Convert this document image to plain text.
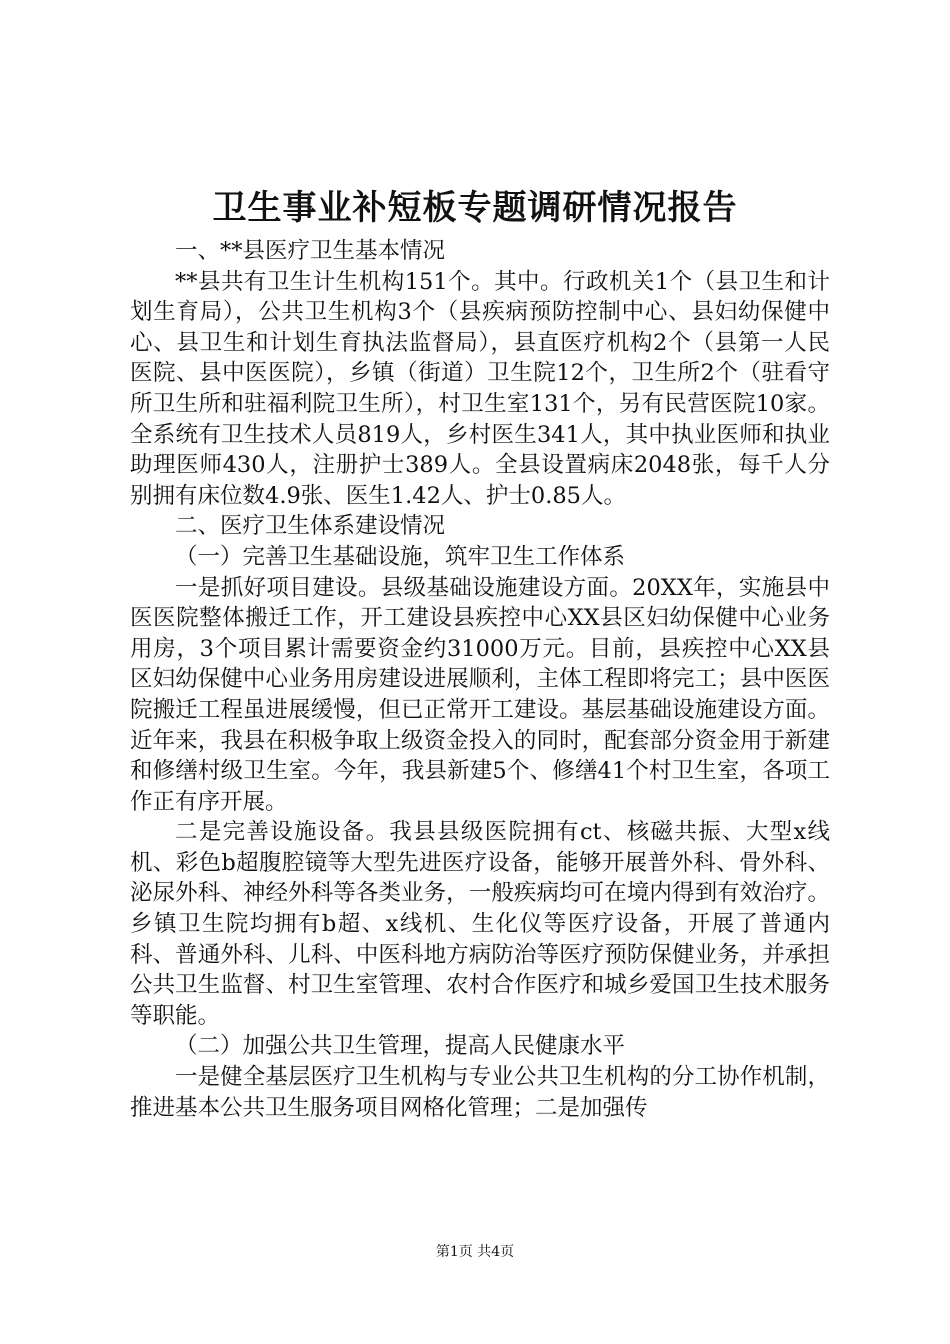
卫生事业补短板专题调研情况报告

一、**县医疗卫生基本情况

**县共有卫生计生机构151个。其中。行政机关1个（县卫生和计划生育局），公共卫生机构3个（县疾病预防控制中心、县妇幼保健中心、县卫生和计划生育执法监督局），县直医疗机构2个（县第一人民医院、县中医医院），乡镇（街道）卫生院12个，卫生所2个（驻看守所卫生所和驻福利院卫生所），村卫生室131个，另有民营医院10家。全系统有卫生技术人员819人，乡村医生341人，其中执业医师和执业助理医师430人，注册护士389人。全县设置病床2048张，每千人分别拥有床位数4.9张、医生1.42人、护士0.85人。

二、医疗卫生体系建设情况

（一）完善卫生基础设施，筑牢卫生工作体系

一是抓好项目建设。县级基础设施建设方面。20XX年，实施县中医医院整体搬迁工作，开工建设县疾控中心XX县区妇幼保健中心业务用房，3个项目累计需要资金约31000万元。目前，县疾控中心XX县区妇幼保健中心业务用房建设进展顺利，主体工程即将完工；县中医医院搬迁工程虽进展缓慢，但已正常开工建设。基层基础设施建设方面。近年来，我县在积极争取上级资金投入的同时，配套部分资金用于新建和修缮村级卫生室。今年，我县新建5个、修缮41个村卫生室，各项工作正有序开展。

二是完善设施设备。我县县级医院拥有ct、核磁共振、大型x线机、彩色b超腹腔镜等大型先进医疗设备，能够开展普外科、骨外科、泌尿外科、神经外科等各类业务，一般疾病均可在境内得到有效治疗。乡镇卫生院均拥有b超、x线机、生化仪等医疗设备，开展了普通内科、普通外科、儿科、中医科地方病防治等医疗预防保健业务，并承担公共卫生监督、村卫生室管理、农村合作医疗和城乡爱国卫生技术服务等职能。

（二）加强公共卫生管理，提高人民健康水平

一是健全基层医疗卫生机构与专业公共卫生机构的分工协作机制，推进基本公共卫生服务项目网格化管理；二是加强传

第1页 共4页
